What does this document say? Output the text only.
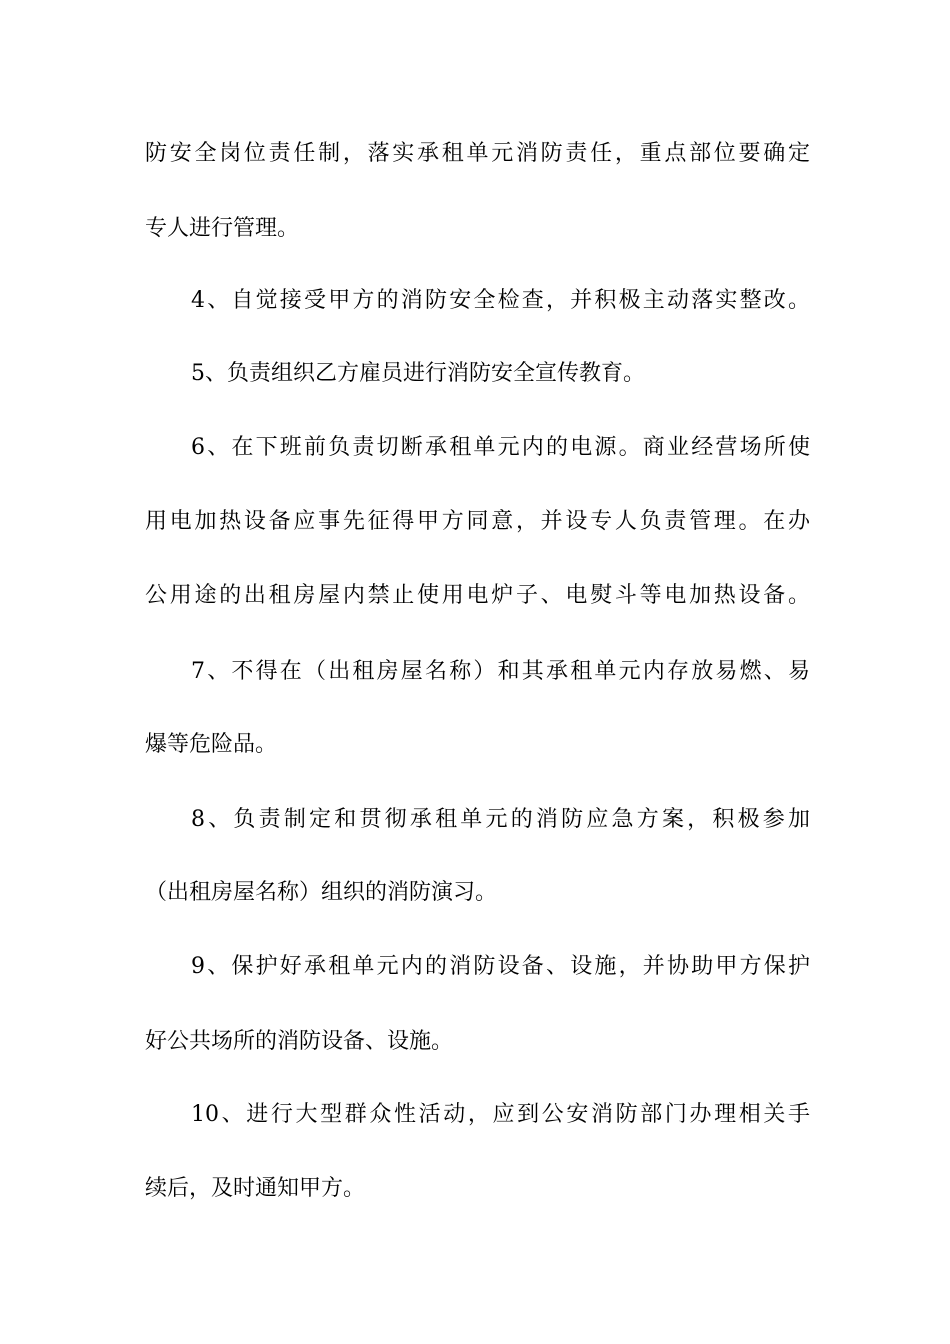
防安全岗位责任制，落实承租单元消防责任，重点部位要确定
专人进行管理。
4、自觉接受甲方的消防安全检查，并积极主动落实整改。
5、负责组织乙方雇员进行消防安全宣传教育。
6、在下班前负责切断承租单元内的电源。商业经营场所使
用电加热设备应事先征得甲方同意，并设专人负责管理。在办
公用途的出租房屋内禁止使用电炉子、电熨斗等电加热设备。
7、不得在（出租房屋名称）和其承租单元内存放易燃、易
爆等危险品。
8、负责制定和贯彻承租单元的消防应急方案，积极参加
（出租房屋名称）组织的消防演习。
9、保护好承租单元内的消防设备、设施，并协助甲方保护
好公共场所的消防设备、设施。
10、进行大型群众性活动，应到公安消防部门办理相关手
续后，及时通知甲方。
